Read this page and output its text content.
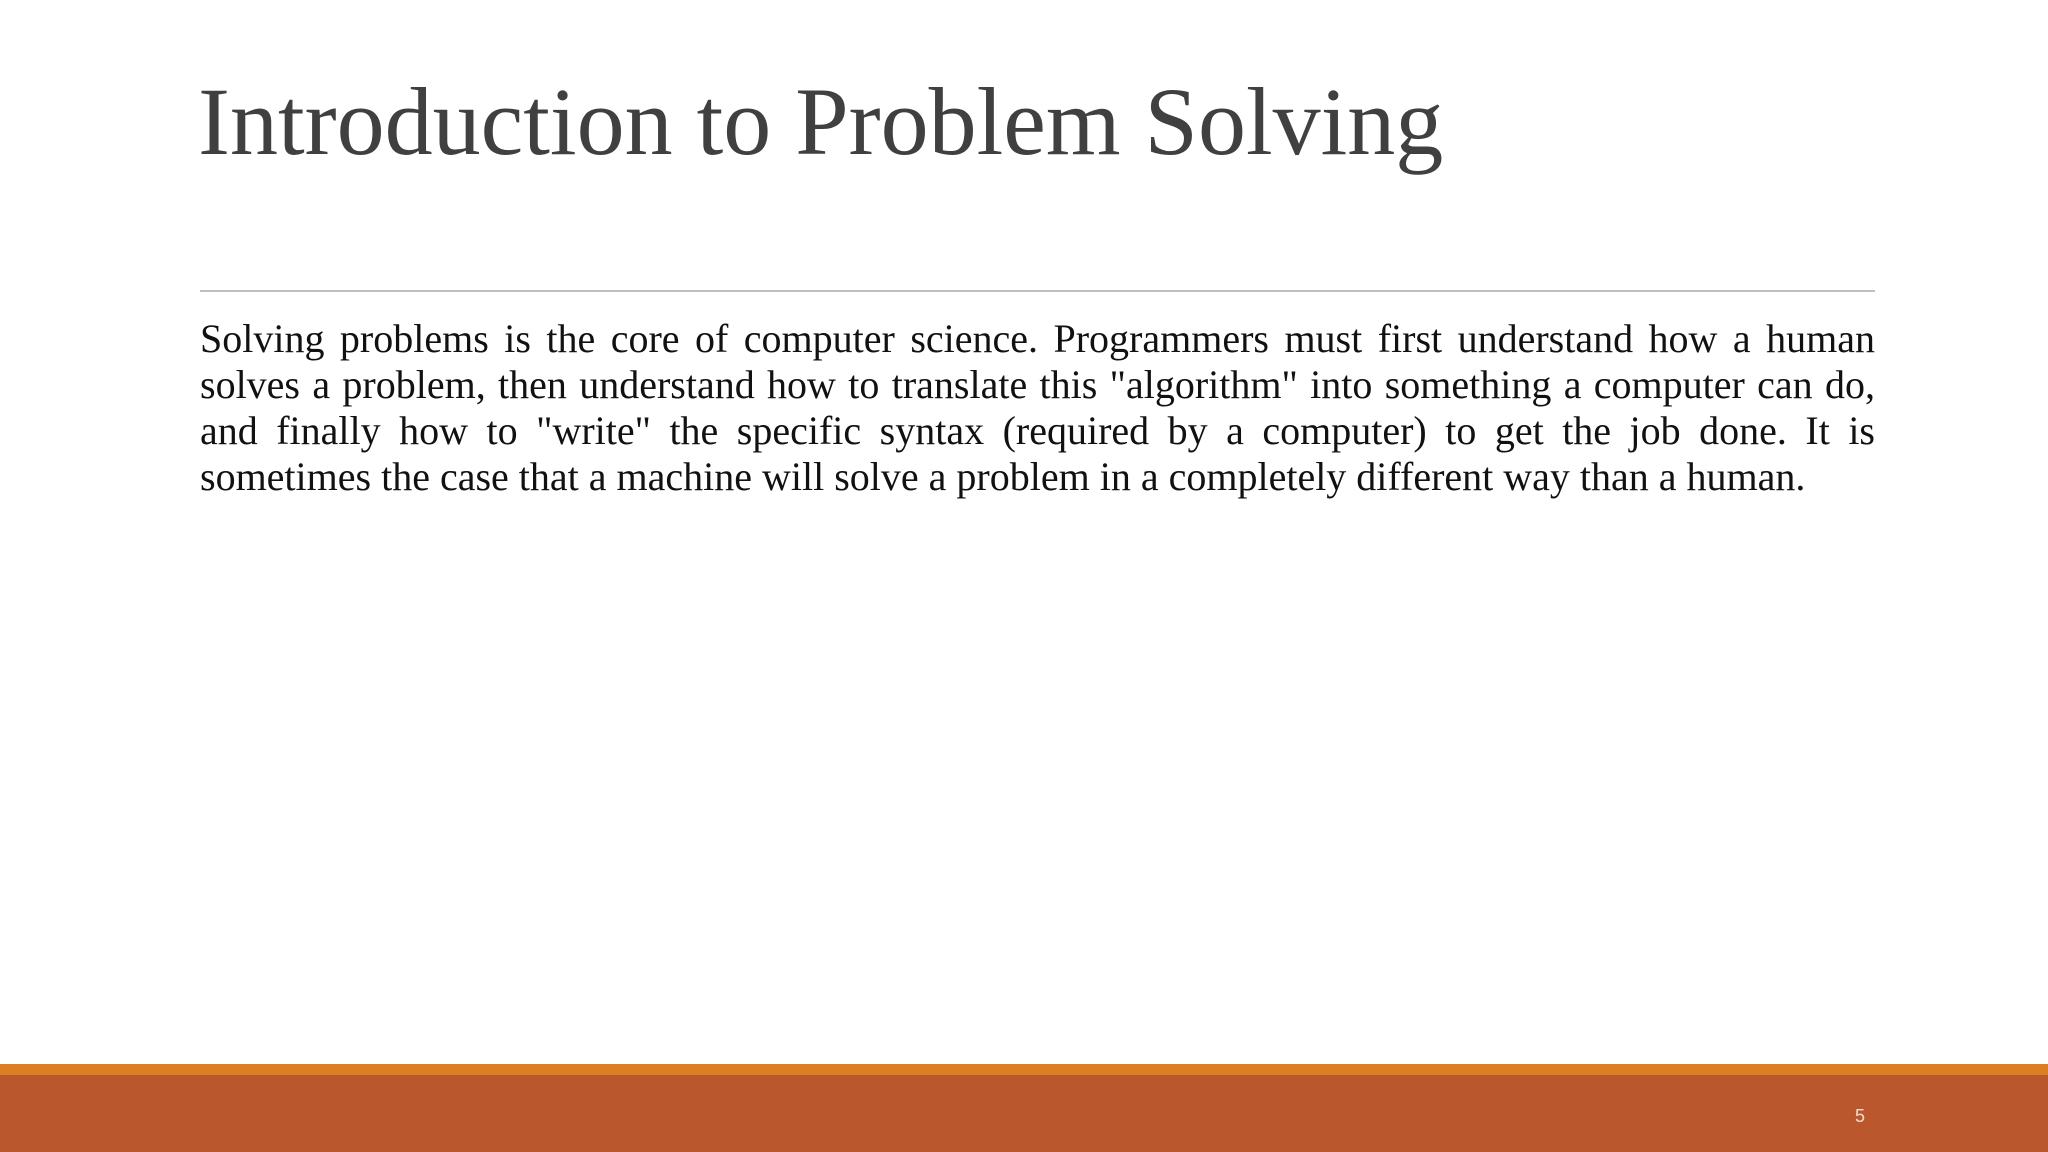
Introduction to Problem Solving

Solving problems is the core of computer science. Programmers must first understand how a human solves a problem, then understand how to translate this "algorithm" into something a computer can do, and finally how to "write" the specific syntax (required by a computer) to get the job done. It is sometimes the case that a machine will solve a problem in a completely different way than a human.

5
